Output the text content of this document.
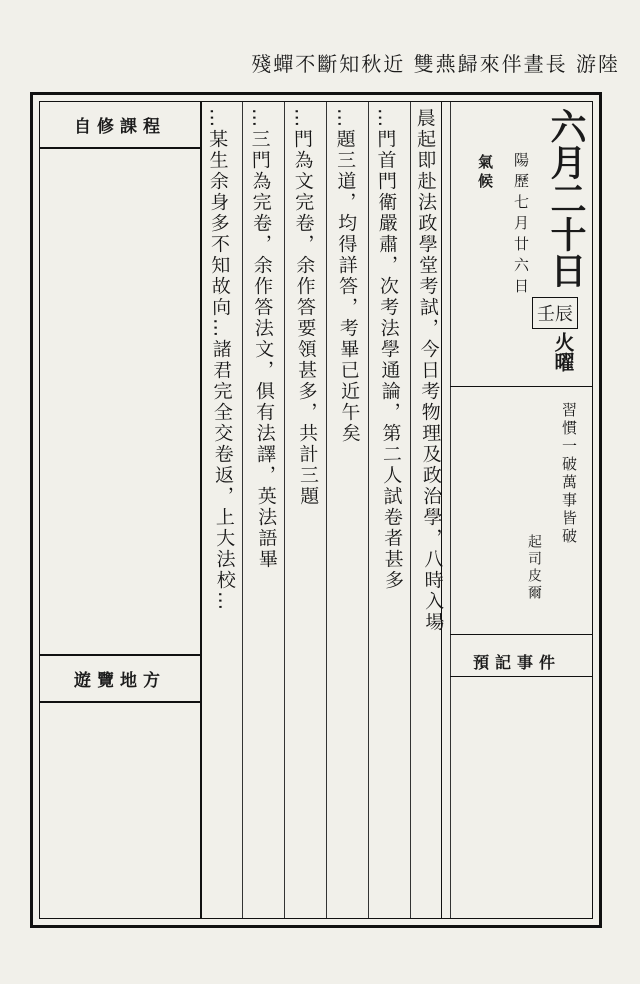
殘蟬不斷知秋近 雙燕歸來伴晝長 游陸
自修課程
遊覽地方
…某生余身多不知故向…諸君完全交卷返，上大法校… …三門為完卷，余作答法文，俱有法譯，英法語畢 …門為文完卷，余作答要領甚多，共計三題 …題三道，均得詳答，考畢已近午矣 …門首門衛嚴肅，次考法學通論，第二人試卷者甚多 晨起即赴法政學堂考試，今日考物理及政治學，八時入場	六月二十日
壬辰
火曜
氣候 陽歷七月廿六日
習慣一破萬事皆破
起司皮爾
預記事件
